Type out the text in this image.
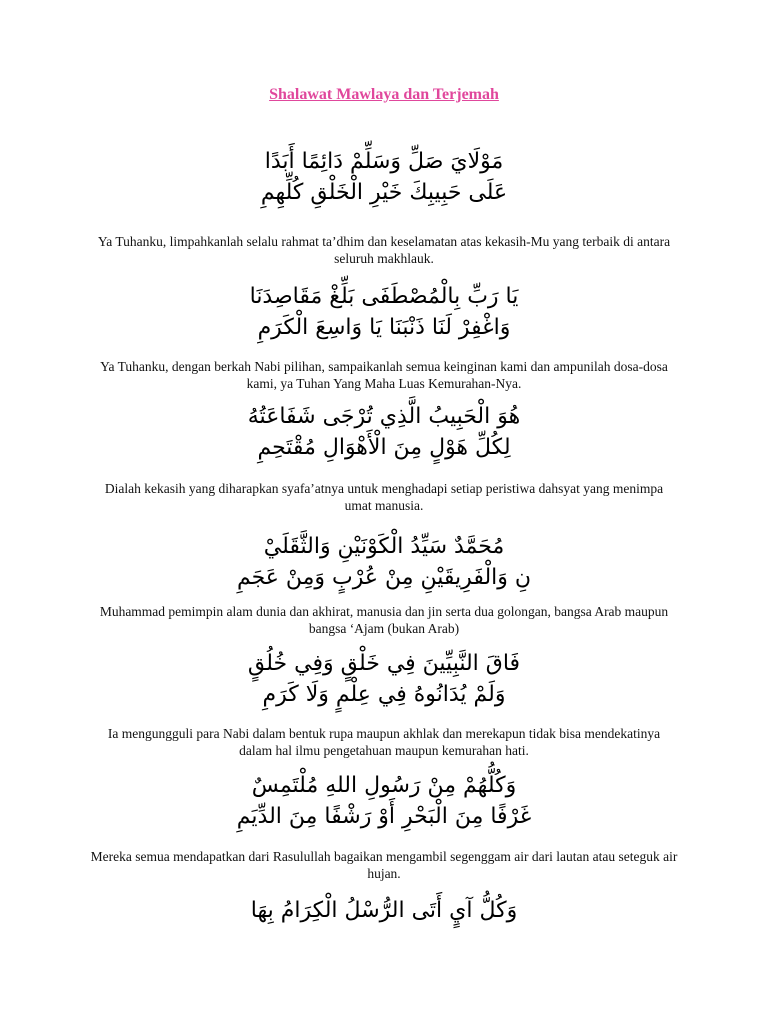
Shalawat Mawlaya dan Terjemah
مَوْلَايَ صَلِّ وَسَلِّمْ دَائِمًا أَبَدًا
عَلَى حَبِيبِكَ خَيْرِ الْخَلْقِ كُلِّهِمِ
Ya Tuhanku, limpahkanlah selalu rahmat ta’dhim dan keselamatan atas kekasih-Mu yang terbaik di antara seluruh makhlauk.
يَا رَبِّ بِالْمُصْطَفَى بَلِّغْ مَقَاصِدَنَا
وَاغْفِرْ لَنَا ذَنْبَنَا يَا وَاسِعَ الْكَرَمِ
Ya Tuhanku, dengan berkah Nabi pilihan, sampaikanlah semua keinginan kami dan ampunilah dosa-dosa kami, ya Tuhan Yang Maha Luas Kemurahan-Nya.
هُوَ الْحَبِيبُ الَّذِي تُرْجَى شَفَاعَتُهُ
لِكُلِّ هَوْلٍ مِنَ الْأَهْوَالِ مُقْتَحِمِ
Dialah kekasih yang diharapkan syafa’atnya untuk menghadapi setiap peristiwa dahsyat yang menimpa umat manusia.
مُحَمَّدٌ سَيِّدُ الْكَوْنَيْنِ وَالثَّقَلَيْ
نِ وَالْفَرِيقَيْنِ مِنْ عُرْبٍ وَمِنْ عَجَمِ
Muhammad pemimpin alam dunia dan akhirat, manusia dan jin serta dua golongan, bangsa Arab maupun bangsa ‘Ajam (bukan Arab)
فَاقَ النَّبِيِّينَ فِي خَلْقٍ وَفِي خُلُقٍ
وَلَمْ يُدَانُوهُ فِي عِلْمٍ وَلَا كَرَمِ
Ia mengungguli para Nabi dalam bentuk rupa maupun akhlak dan merekapun tidak bisa mendekatinya dalam hal ilmu pengetahuan maupun kemurahan hati.
وَكُلُّهُمْ مِنْ رَسُولِ اللهِ مُلْتَمِسٌ
غَرْفًا مِنَ الْبَحْرِ أَوْ رَشْفًا مِنَ الدِّيَمِ
Mereka semua mendapatkan dari Rasulullah bagaikan mengambil segenggam air dari lautan atau seteguk air hujan.
وَكُلُّ آيٍ أَتَى الرُّسْلُ الْكِرَامُ بِهَا
